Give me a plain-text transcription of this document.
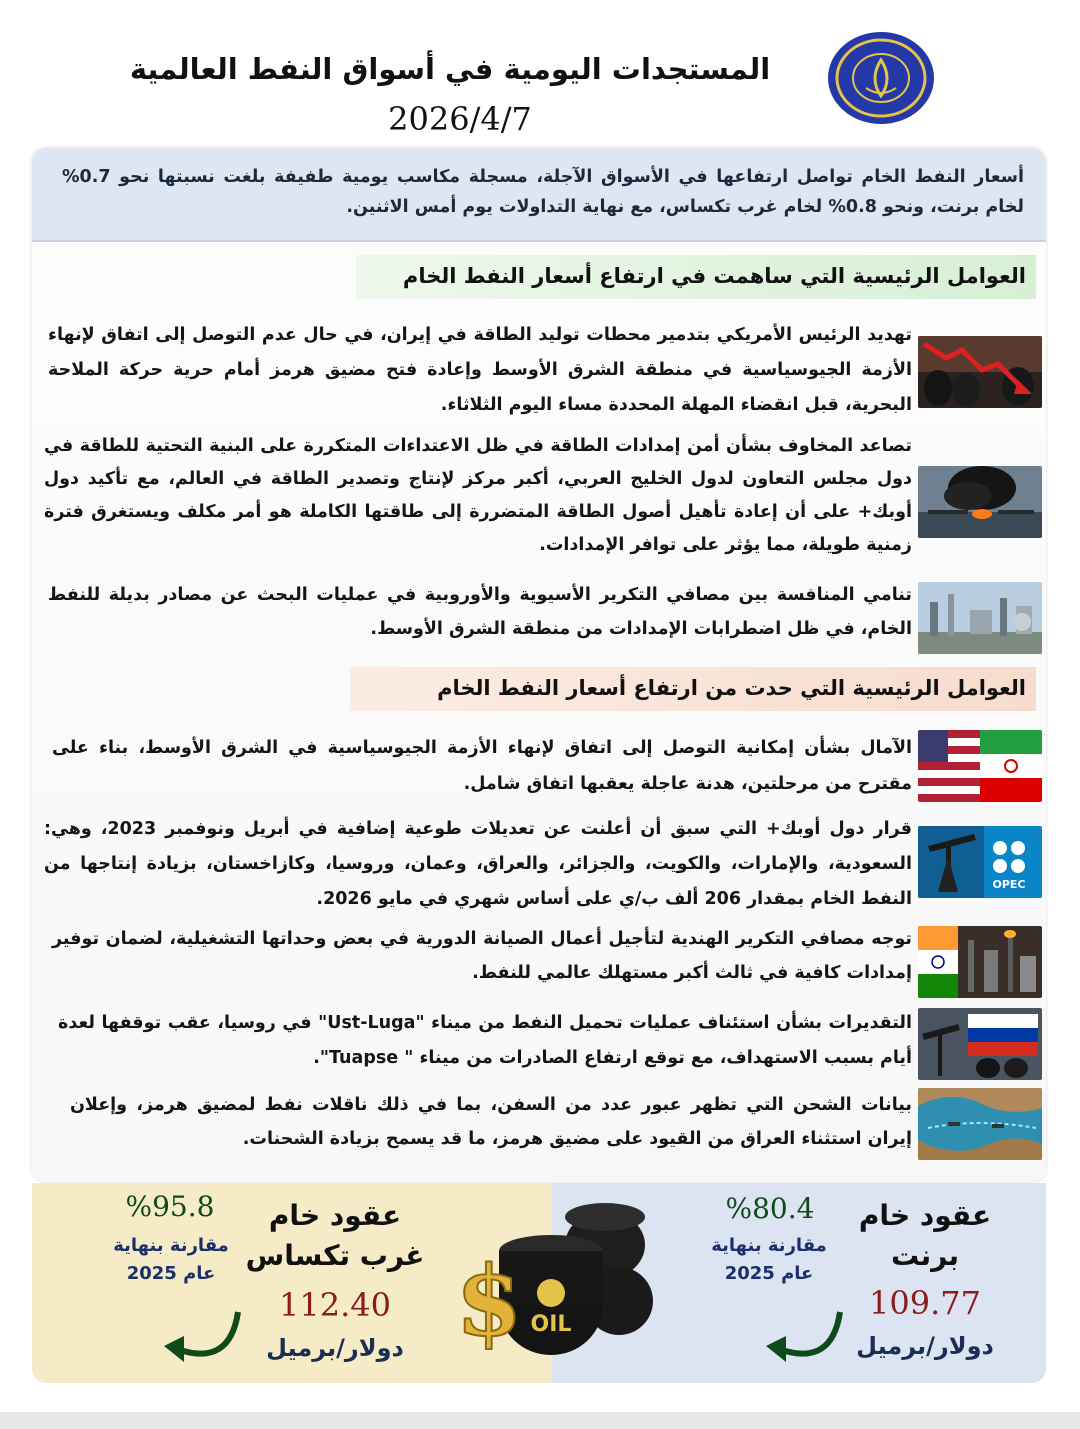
المستجدات اليومية في أسواق النفط العالمية
2026/4/7

أسعار النفط الخام تواصل ارتفاعها في الأسواق الآجلة، مسجلة مكاسب يومية طفيفة بلغت نسبتها نحو 0.7% لخام برنت، ونحو 0.8% لخام غرب تكساس، مع نهاية التداولات يوم أمس الاثنين.

العوامل الرئيسية التي ساهمت في ارتفاع أسعار النفط الخام

تهديد الرئيس الأمريكي بتدمير محطات توليد الطاقة في إيران، في حال عدم التوصل إلى اتفاق لإنهاء الأزمة الجيوسياسية في منطقة الشرق الأوسط وإعادة فتح مضيق هرمز أمام حرية حركة الملاحة البحرية، قبل انقضاء المهلة المحددة مساء اليوم الثلاثاء.

تصاعد المخاوف بشأن أمن إمدادات الطاقة في ظل الاعتداءات المتكررة على البنية التحتية للطاقة في دول مجلس التعاون لدول الخليج العربي، أكبر مركز لإنتاج وتصدير الطاقة في العالم، مع تأكيد دول أوبك+ على أن إعادة تأهيل أصول الطاقة المتضررة إلى طاقتها الكاملة هو أمر مكلف ويستغرق فترة زمنية طويلة، مما يؤثر على توافر الإمدادات.

تنامي المنافسة بين مصافي التكرير الأسيوية والأوروبية في عمليات البحث عن مصادر بديلة للنفط الخام، في ظل اضطرابات الإمدادات من منطقة الشرق الأوسط.

العوامل الرئيسية التي حدت من ارتفاع أسعار النفط الخام

الآمال بشأن إمكانية التوصل إلى اتفاق لإنهاء الأزمة الجيوسياسية في الشرق الأوسط، بناء على مقترح من مرحلتين، هدنة عاجلة يعقبها اتفاق شامل.

قرار دول أوبك+ التي سبق أن أعلنت عن تعديلات طوعية إضافية في أبريل ونوفمبر 2023، وهي: السعودية، والإمارات، والكويت، والجزائر، والعراق، وعمان، وروسيا، وكازاخستان، بزيادة إنتاجها من النفط الخام بمقدار 206 ألف ب/ي على أساس شهري في مايو 2026.

OPEC

توجه مصافي التكرير الهندية لتأجيل أعمال الصيانة الدورية في بعض وحداتها التشغيلية، لضمان توفير إمدادات كافية في ثالث أكبر مستهلك عالمي للنفط.

التقديرات بشأن استئناف عمليات تحميل النفط من ميناء "Ust-Luga" في روسيا، عقب توقفها لعدة أيام بسبب الاستهداف، مع توقع ارتفاع الصادرات من ميناء " Tuapse".

بيانات الشحن التي تظهر عبور عدد من السفن، بما في ذلك ناقلات نفط لمضيق هرمز، وإعلان إيران استثناء العراق من القيود على مضيق هرمز، ما قد يسمح بزيادة الشحنات.

عقود خام
غرب تكساس
112.40
دولار/برميل
%95.8
مقارنة بنهاية
عام 2025
OIL
$
عقود خام
برنت
109.77
دولار/برميل
%80.4
مقارنة بنهاية
عام 2025
